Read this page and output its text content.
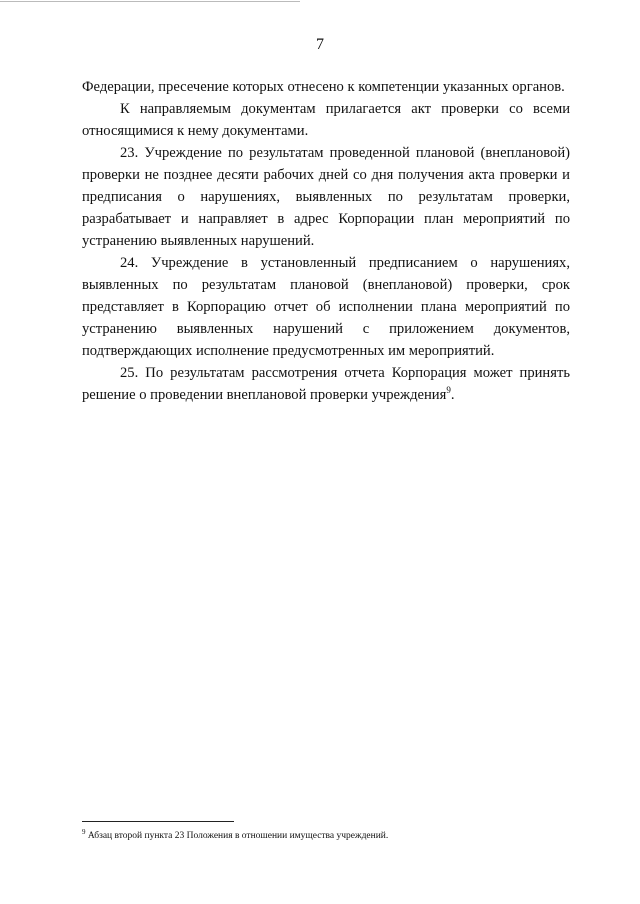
7

Федерации, пресечение которых отнесено к компетенции указанных органов.

К направляемым документам прилагается акт проверки со всеми относящимися к нему документами.

23. Учреждение по результатам проведенной плановой (внеплановой) проверки не позднее десяти рабочих дней со дня получения акта проверки и предписания о нарушениях, выявленных по результатам проверки, разрабатывает и направляет в адрес Корпорации план мероприятий по устранению выявленных нарушений.

24. Учреждение в установленный предписанием о нарушениях, выявленных по результатам плановой (внеплановой) проверки, срок представляет в Корпорацию отчет об исполнении плана мероприятий по устранению выявленных нарушений с приложением документов, подтверждающих исполнение предусмотренных им мероприятий.

25. По результатам рассмотрения отчета Корпорация может принять решение о проведении внеплановой проверки учреждения$^9$.

$^9$ Абзац второй пункта 23 Положения в отношении имущества учреждений.
